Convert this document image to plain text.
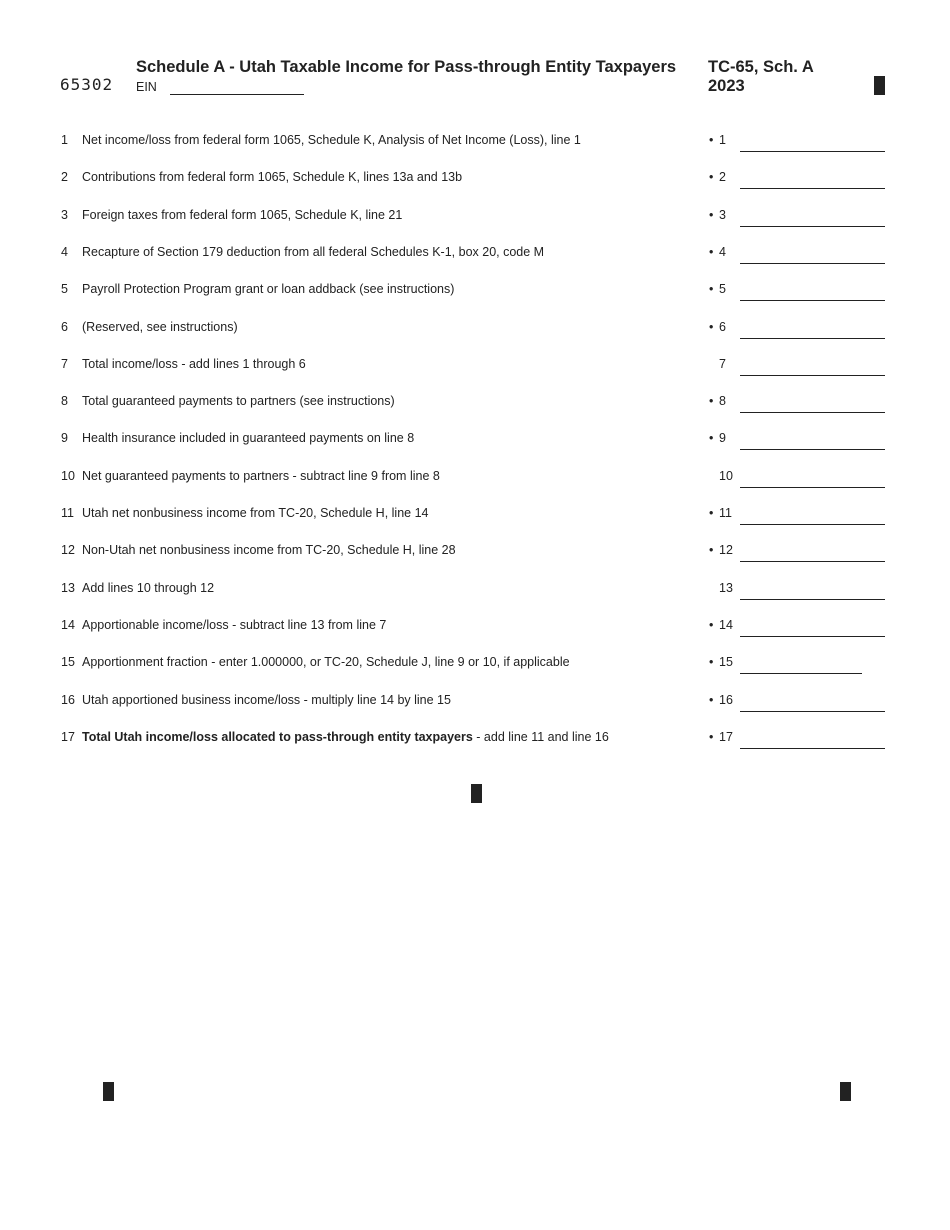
65302
Schedule A - Utah Taxable Income for Pass-through Entity Taxpayers
EIN
TC-65, Sch. A
2023
1 Net income/loss from federal form 1065, Schedule K, Analysis of Net Income (Loss), line 1	• 1
2 Contributions from federal form 1065, Schedule K, lines 13a and 13b	• 2
3 Foreign taxes from federal form 1065, Schedule K, line 21	• 3
4 Recapture of Section 179 deduction from all federal Schedules K-1, box 20, code M	• 4
5 Payroll Protection Program grant or loan addback (see instructions)	• 5
6 (Reserved, see instructions)	• 6
7 Total income/loss - add lines 1 through 6	7
8 Total guaranteed payments to partners (see instructions)	• 8
9 Health insurance included in guaranteed payments on line 8	• 9
10 Net guaranteed payments to partners - subtract line 9 from line 8	10
11 Utah net nonbusiness income from TC-20, Schedule H, line 14	• 11
12 Non-Utah net nonbusiness income from TC-20, Schedule H, line 28	• 12
13 Add lines 10 through 12	13
14 Apportionable income/loss - subtract line 13 from line 7	• 14
15 Apportionment fraction - enter 1.000000, or TC-20, Schedule J, line 9 or 10, if applicable	• 15
16 Utah apportioned business income/loss - multiply line 14 by line 15	• 16
17 Total Utah income/loss allocated to pass-through entity taxpayers - add line 11 and line 16	• 17
